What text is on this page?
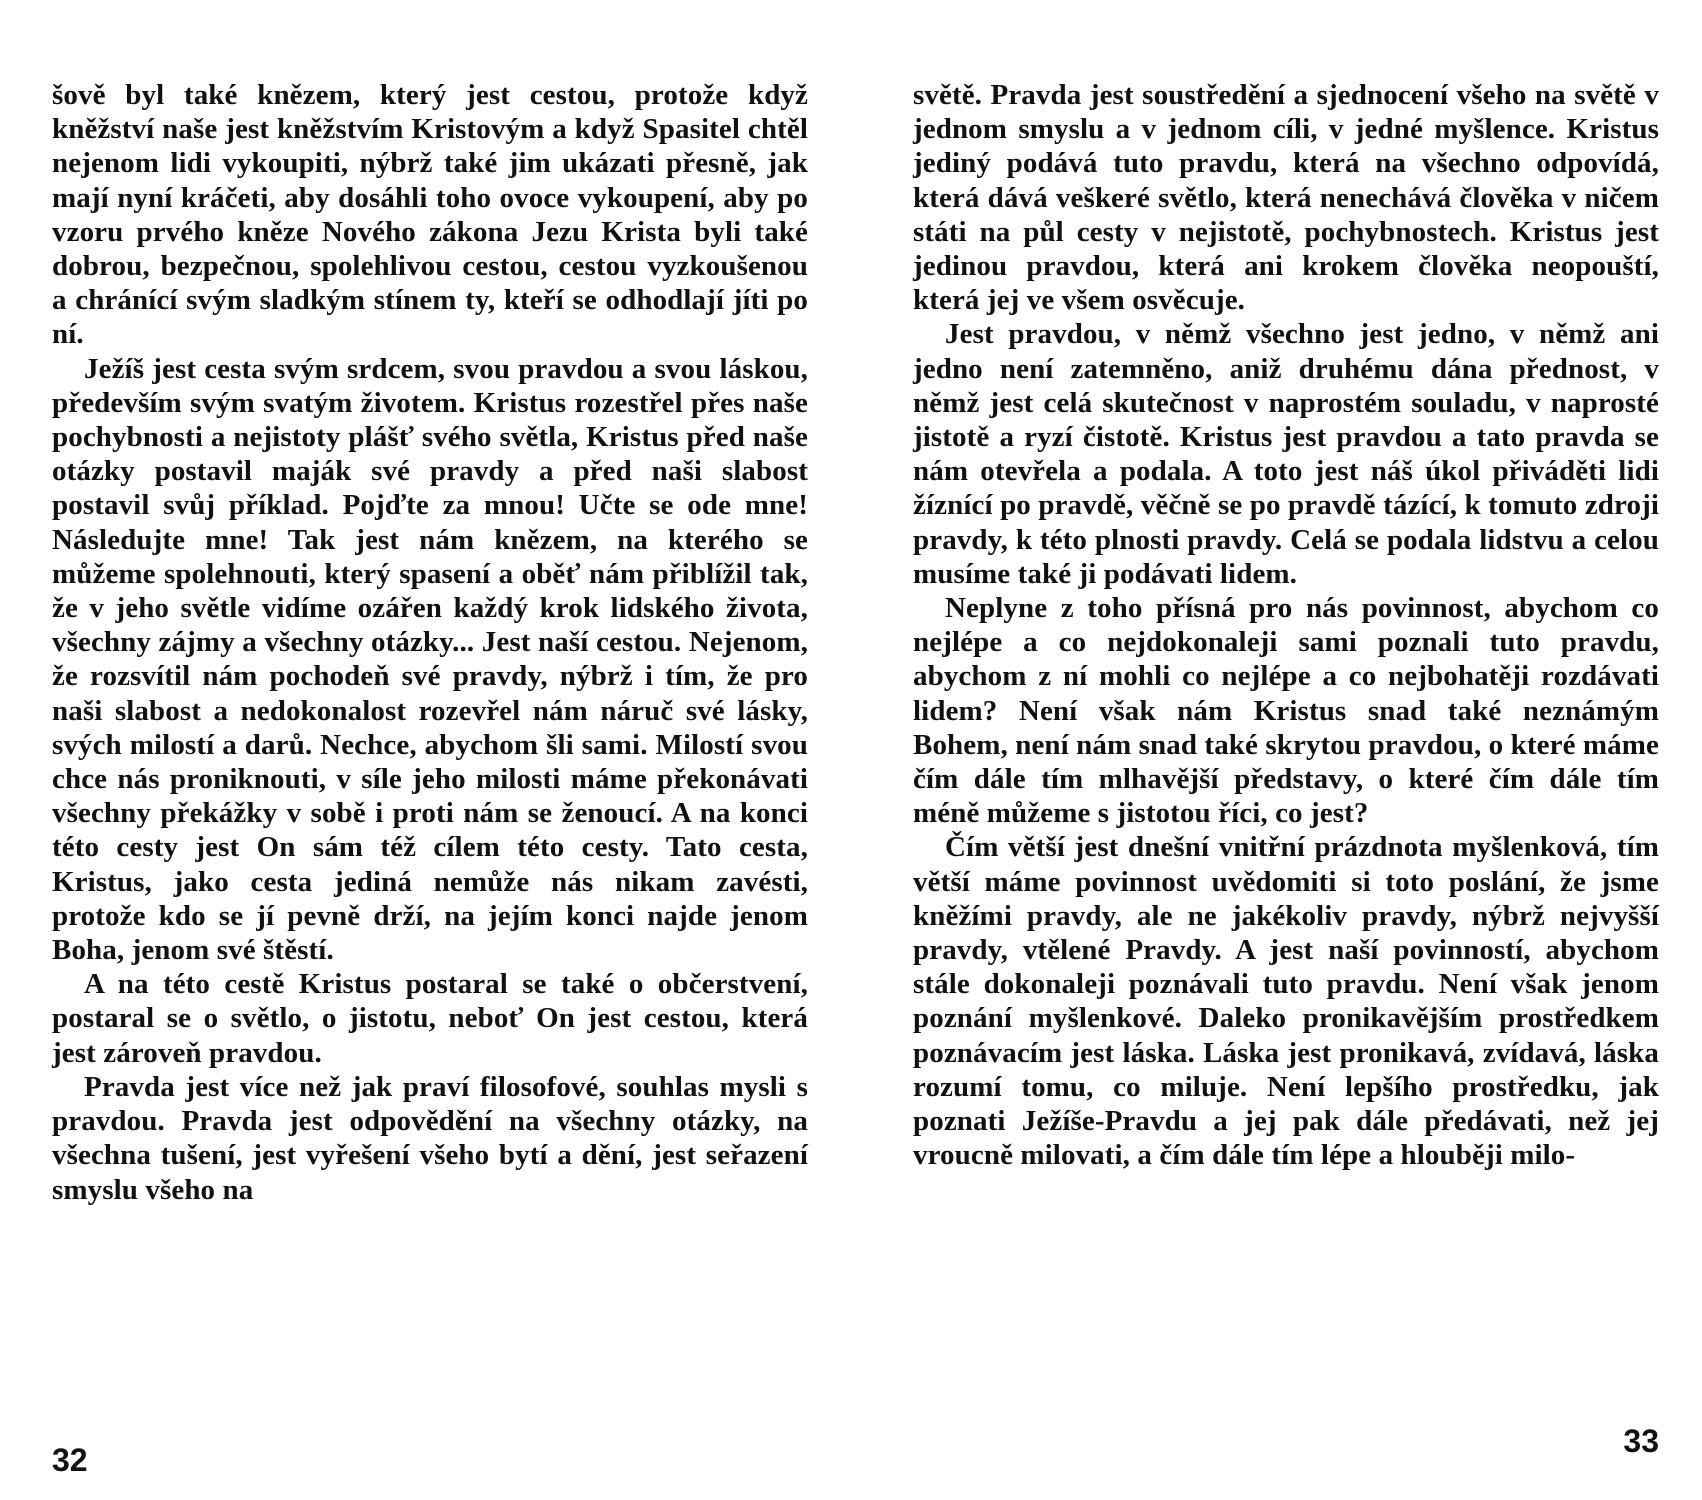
šově byl také knězem, který jest cestou, protože když kněžství naše jest kněžstvím Kristovým a když Spasitel chtěl nejenom lidi vykoupiti, nýbrž také jim ukázati přesně, jak mají nyní kráčeti, aby dosáhli toho ovoce vykoupení, aby po vzoru prvého kněze Nového zákona Jezu Krista byli také dobrou, bezpečnou, spolehlivou cestou, cestou vyzkoušenou a chránící svým sladkým stínem ty, kteří se odhodlají jíti po ní.

Ježíš jest cesta svým srdcem, svou pravdou a svou láskou, především svým svatým životem. Kristus rozestřel přes naše pochybnosti a nejistoty plášť svého světla, Kristus před naše otázky postavil maják své pravdy a před naši slabost postavil svůj příklad. Pojďte za mnou! Učte se ode mne! Následujte mne! Tak jest nám knězem, na kterého se můžeme spolehnouti, který spasení a oběť nám přiblížil tak, že v jeho světle vidíme ozářen každý krok lidského života, všechny zájmy a všechny otázky... Jest naší cestou. Nejenom, že rozsvítil nám pochodeň své pravdy, nýbrž i tím, že pro naši slabost a nedokonalost rozevřel nám náruč své lásky, svých milostí a darů. Nechce, abychom šli sami. Milostí svou chce nás proniknouti, v síle jeho milosti máme překonávati všechny překážky v sobě i proti nám se ženoucí. A na konci této cesty jest On sám též cílem této cesty. Tato cesta, Kristus, jako cesta jediná nemůže nás nikam zavésti, protože kdo se jí pevně drží, na jejím konci najde jenom Boha, jenom své štěstí.

A na této cestě Kristus postaral se také o občerstvení, postaral se o světlo, o jistotu, neboť On jest cestou, která jest zároveň pravdou.

Pravda jest více než jak praví filosofové, souhlas mysli s pravdou. Pravda jest odpovědění na všechny otázky, na všechna tušení, jest vyřešení všeho bytí a dění, jest seřazení smyslu všeho na

32

světě. Pravda jest soustředění a sjednocení všeho na světě v jednom smyslu a v jednom cíli, v jedné myšlence. Kristus jediný podává tuto pravdu, která na všechno odpovídá, která dává veškeré světlo, která nenechává člověka v ničem státi na půl cesty v nejistotě, pochybnostech. Kristus jest jedinou pravdou, která ani krokem člověka neopouští, která jej ve všem osvěcuje.

Jest pravdou, v němž všechno jest jedno, v němž ani jedno není zatemněno, aniž druhému dána přednost, v němž jest celá skutečnost v naprostém souladu, v naprosté jistotě a ryzí čistotě. Kristus jest pravdou a tato pravda se nám otevřela a podala. A toto jest náš úkol přiváděti lidi žíznící po pravdě, věčně se po pravdě tázící, k tomuto zdroji pravdy, k této plnosti pravdy. Celá se podala lidstvu a celou musíme také ji podávati lidem.

Neplyne z toho přísná pro nás povinnost, abychom co nejlépe a co nejdokonaleji sami poznali tuto pravdu, abychom z ní mohli co nejlépe a co nejbohatěji rozdávati lidem? Není však nám Kristus snad také neznámým Bohem, není nám snad také skrytou pravdou, o které máme čím dále tím mlhavější představy, o které čím dále tím méně můžeme s jistotou říci, co jest?

Čím větší jest dnešní vnitřní prázdnota myšlenková, tím větší máme povinnost uvědomiti si toto poslání, že jsme kněžími pravdy, ale ne jakékoliv pravdy, nýbrž nejvyšší pravdy, vtělené Pravdy. A jest naší povinností, abychom stále dokonaleji poznávali tuto pravdu. Není však jenom poznání myšlenkové. Daleko pronikavějším prostředkem poznávacím jest láska. Láska jest pronikavá, zvídavá, láska rozumí tomu, co miluje. Není lepšího prostředku, jak poznati Ježíše-Pravdu a jej pak dále předávati, než jej vroucně milovati, a čím dále tím lépe a hlouběji milo-

33
